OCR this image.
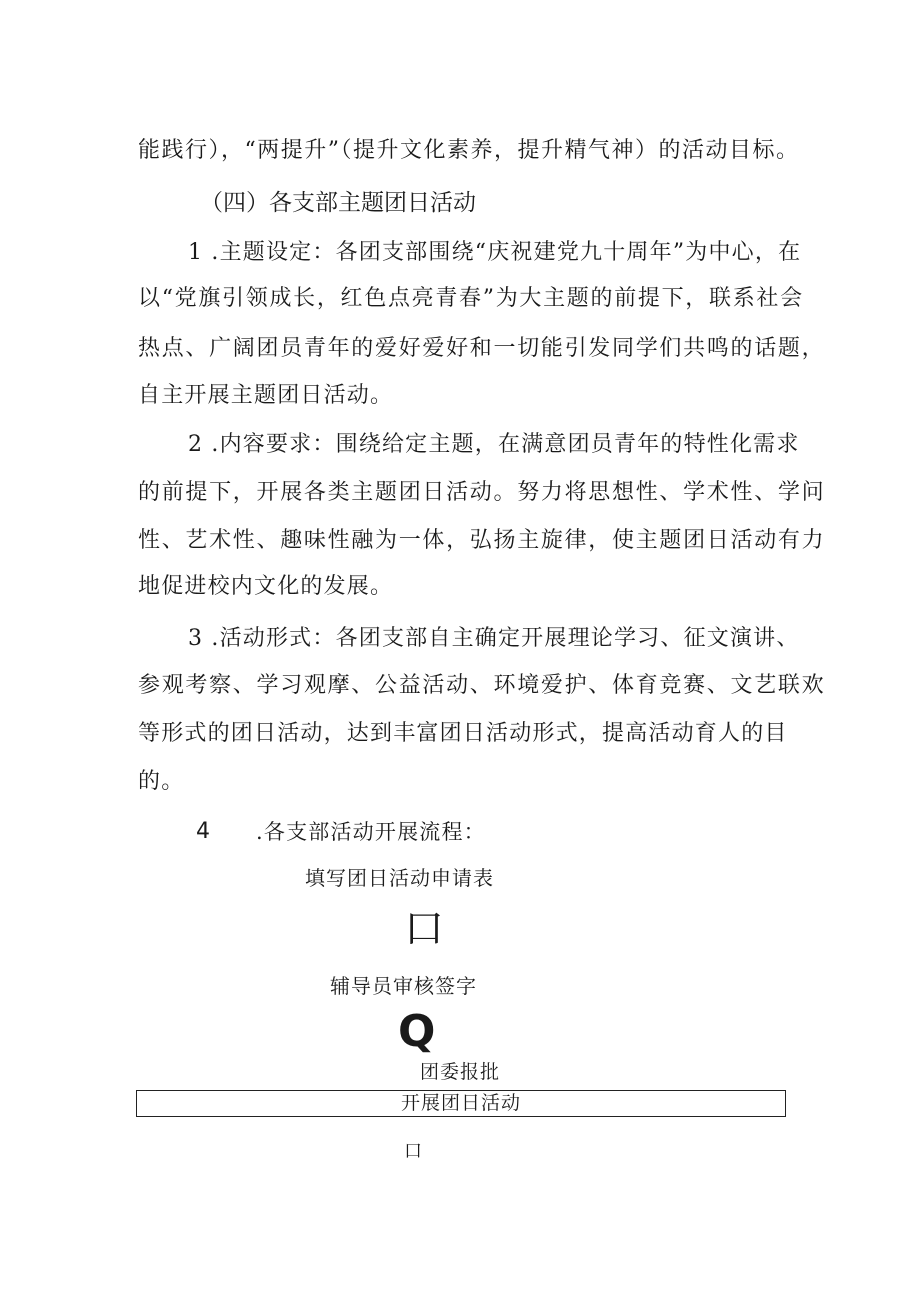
能践行），“两提升”（提升文化素养，提升精气神）的活动目标。
（四）各支部主题团日活动
1 .主题设定：各团支部围绕“庆祝建党九十周年”为中心，在
以“党旗引领成长，红色点亮青春”为大主题的前提下，联系社会
热点、广阔团员青年的爱好爱好和一切能引发同学们共鸣的话题，
自主开展主题团日活动。
2 .内容要求：围绕给定主题，在满意团员青年的特性化需求
的前提下，开展各类主题团日活动。努力将思想性、学术性、学问
性、艺术性、趣味性融为一体，弘扬主旋律，使主题团日活动有力
地促进校内文化的发展。
3 .活动形式：各团支部自主确定开展理论学习、征文演讲、
参观考察、学习观摩、公益活动、环境爱护、体育竞赛、文艺联欢
等形式的团日活动，达到丰富团日活动形式，提高活动育人的目
的。
4 .各支部活动开展流程：
填写团日活动申请表
口
辅导员审核签字
Q
团委报批
开展团日活动
口
